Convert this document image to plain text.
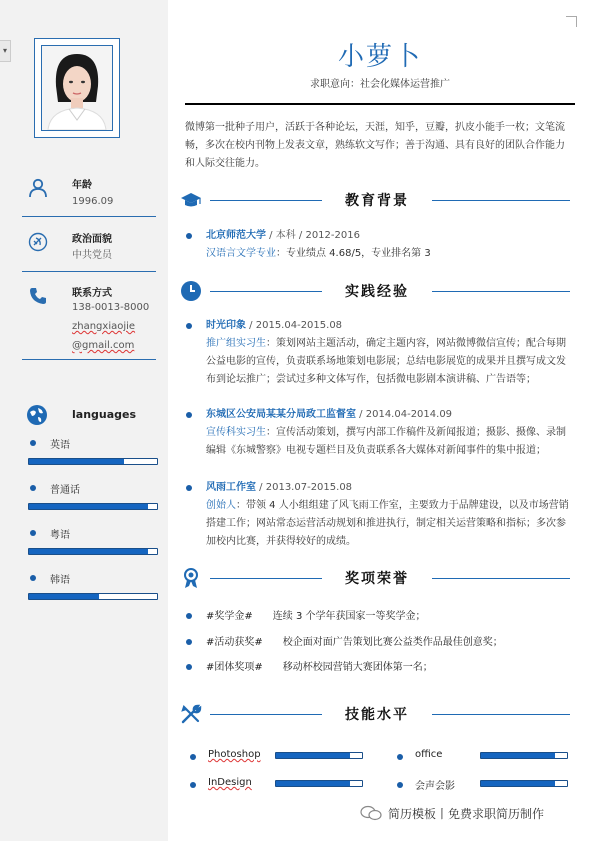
▾
年龄
1996.09
政治面貌
中共党员
联系方式
138-0013-8000
zhangxiaojie
@gmail.com
languages
英语
普通话
粤语
韩语
小萝卜
求职意向：社会化媒体运营推广
微博第一批种子用户，活跃于各种论坛，天涯，知乎，豆瓣，扒皮小能手一枚；文笔流畅，多次在校内刊物上发表文章，熟练软文写作；善于沟通、具有良好的团队合作能力和人际交往能力。
教育背景
北京师范大学 / 本科 / 2012-2016
汉语言文学专业：专业绩点 4.68/5，专业排名第 3
实践经验
时光印象 / 2015.04-2015.08
推广组实习生：策划网站主题活动，确定主题内容，网站微博微信宣传；配合每期公益电影的宣传，负责联系场地策划电影展；总结电影展览的成果并且撰写成文发布到论坛推广；尝试过多种文体写作，包括微电影剧本演讲稿、广告语等；
东城区公安局某某分局政工监督室 / 2014.04-2014.09
宣传科实习生：宣传活动策划，撰写内部工作稿件及新闻报道；摄影、摄像、录制编辑《东城警察》电视专题栏目及负责联系各大媒体对新闻事件的集中报道；
风雨工作室 / 2013.07-2015.08
创始人：带领 4 人小组组建了风飞雨工作室，主要致力于品牌建设，以及市场营销搭建工作；网站常态运营活动规划和推进执行，制定相关运营策略和指标；多次参加校内比赛，并获得较好的成绩。
奖项荣誉
#奖学金# 连续 3 个学年获国家一等奖学金；
#活动获奖# 校企面对面广告策划比赛公益类作品最佳创意奖；
#团体奖项# 移动杯校园营销大赛团体第一名；
技能水平
Photoshop	office
InDesign	会声会影
简历模板丨免费求职简历制作
